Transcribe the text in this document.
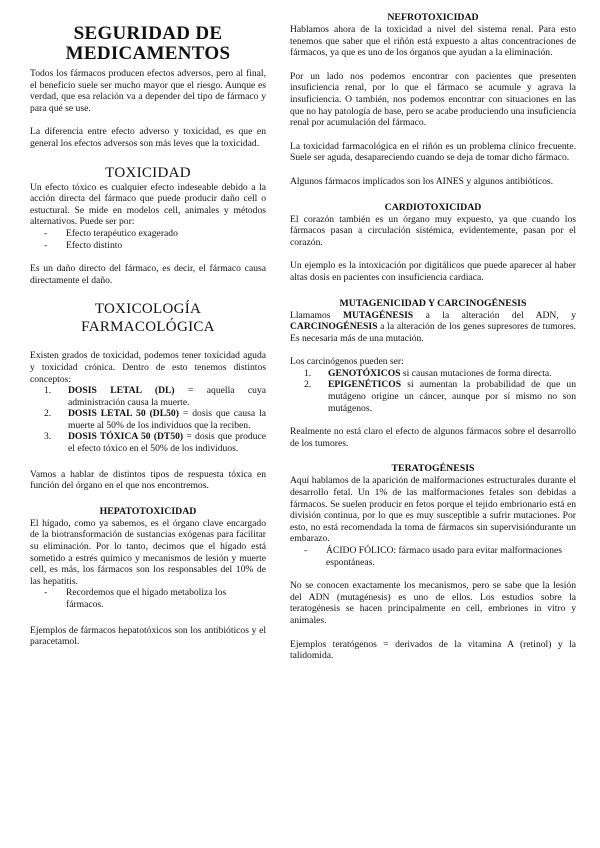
SEGURIDAD DE MEDICAMENTOS

Todos los fármacos producen efectos adversos, pero al final, el beneficio suele ser mucho mayor que el riesgo. Aunque es verdad, que esa relación va a depender del tipo de fármaco y para qué se use.

La diferencia entre efecto adverso y toxicidad, es que en general los efectos adversos son más leves que la toxicidad.

TOXICIDAD

Un efecto tóxico es cualquier efecto indeseable debido a la acción directa del fármaco que puede producir daño cell o estuctural. Se mide en modelos cell, animales y métodos alternativos. Puede ser por:

- Efecto terapéutico exagerado
- Efecto distinto

Es un daño directo del fármaco, es decir, el fármaco causa directamente el daño.

TOXICOLOGÍA
FARMACOLÓGICA

Existen grados de toxicidad, podemos tener toxicidad aguda y toxicidad crónica. Dentro de esto tenemos distintos conceptos:

1. DOSIS LETAL (DL) = aquella cuya administración causa la muerte.
2. DOSIS LETAL 50 (DL50) = dosis que causa la muerte al 50% de los individuos que la reciben.
3. DOSIS TÓXICA 50 (DT50) = dosis que produce el efecto tóxico en el 50% de los individuos.

Vamos a hablar de distintos tipos de respuesta tóxica en función del órgano en el que nos encontremos.

HEPATOTOXICIDAD

El hígado, como ya sabemos, es el órgano clave encargado de la biotransformación de sustancias exógenas para facilitar su eliminación. Por lo tanto, decimos que el hígado está sometido a estrés químico y mecanismos de lesión y muerte cell, es más, los fármacos son los responsables del 10% de las hepatitis.

- Recordemos que el hígado metaboliza los fármacos.

Ejemplos de fármacos hepatotóxicos son los antibióticos y el paracetamol.

NEFROTOXICIDAD

Hablamos ahora de la toxicidad a nivel del sistema renal. Para esto tenemos que saber que el riñón está expuesto a altas concentraciones de fármacos, ya que es uno de los órganos que ayudan a la eliminación.

Por un lado nos podemos encontrar con pacientes que presenten insuficiencia renal, por lo que el fármaco se acumule y agrava la insuficiencia. O también, nos podemos encontrar con situaciones en las que no hay patología de base, pero se acabe produciendo una insuficiencia renal por acumulación del fármaco.

La toxicidad farmacológica en el riñón es un problema clínico frecuente. Suele ser aguda, desapareciendo cuando se deja de tomar dicho fármaco.

Algunos fármacos implicados son los AINES y algunos antibióticos.

CARDIOTOXICIDAD

El corazón también es un órgano muy expuesto, ya que cuando los fármacos pasan a circulación sistémica, evidentemente, pasan por el corazón.

Un ejemplo es la intoxicación por digitálicos que puede aparecer al haber altas dosis en pacientes con insuficiencia cardiaca.

MUTAGENICIDAD Y CARCINOGÉNESIS

Llamamos MUTAGÉNESIS a la alteración del ADN, y CARCINOGÉNESIS a la alteración de los genes supresores de tumores. Es necesaria más de una mutación.

Los carcinógenos pueden ser:

1. GENOTÓXICOS si causan mutaciones de forma directa.
2. EPIGENÉTICOS si aumentan la probabilidad de que un mutágeno origine un cáncer, aunque por sí mismo no son mutágenos.

Realmente no está claro el efecto de algunos fármacos sobre el desarrollo de los tumores.

TERATOGÉNESIS

Aquí hablamos de la aparición de malformaciones estructurales durante el desarrollo fetal. Un 1% de las malformaciones fetales son debidas a fármacos. Se suelen producir en fetos porque el tejido embrionario está en división continua, por lo que es muy susceptible a sufrir mutaciones. Por esto, no está recomendada la toma de fármacos sin supervisióndurante un embarazo.

- ÁCIDO FÓLICO: fármaco usado para evitar malformaciones espontáneas.

No se conocen exactamente los mecanismos, pero se sabe que la lesión del ADN (mutagénesis) es uno de ellos. Los estudios sobre la teratogénesis se hacen principalmente en cell, embriones in vitro y animales.

Ejemplos teratógenos = derivados de la vitamina A (retinol) y la talidomida.
